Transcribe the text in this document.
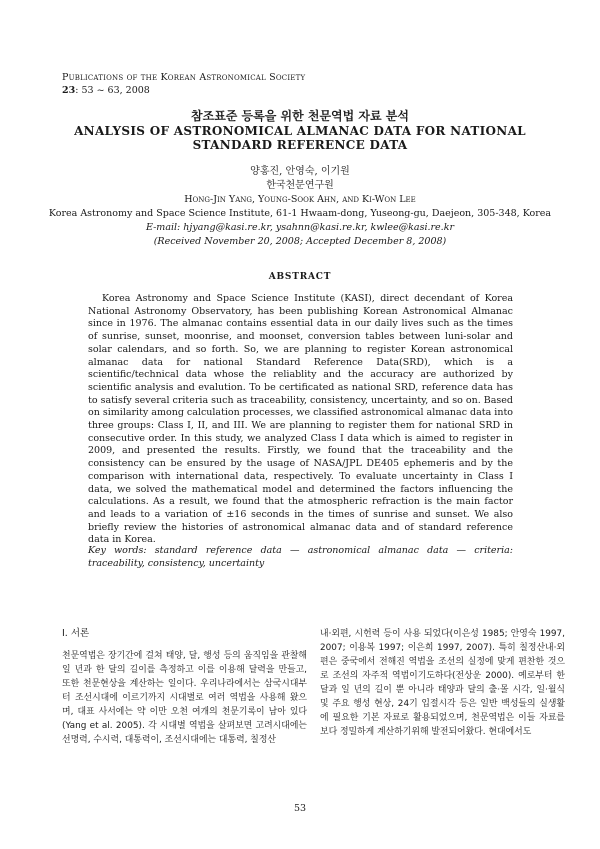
Publications of the Korean Astronomical Society
23: 53 ~ 63, 2008
참조표준 등록을 위한 천문역법 자료 분석
ANALYSIS OF ASTRONOMICAL ALMANAC DATA FOR NATIONAL
STANDARD REFERENCE DATA
양홍진, 안영숙, 이기원
한국천문연구원
Hong-Jin Yang, Young-Sook Ahn, and Ki-Won Lee
Korea Astronomy and Space Science Institute, 61-1 Hwaam-dong, Yuseong-gu, Daejeon, 305-348, Korea
E-mail: hjyang@kasi.re.kr, ysahnn@kasi.re.kr, kwlee@kasi.re.kr
(Received November 20, 2008; Accepted December 8, 2008)
ABSTRACT

Korea Astronomy and Space Science Institute (KASI), direct decendant of Korea National Astronomy Observatory, has been publishing Korean Astronomical Almanac since in 1976. The almanac contains essential data in our daily lives such as the times of sunrise, sunset, moonrise, and moonset, conversion tables between luni-solar and solar calendars, and so forth. So, we are planning to register Korean astronomical almanac data for national Standard Reference Data(SRD), which is a scientific/technical data whose the reliablity and the accuracy are authorized by scientific analysis and evalution. To be certificated as national SRD, reference data has to satisfy several criteria such as traceability, consistency, uncertainty, and so on. Based on similarity among calculation processes, we classified astronomical almanac data into three groups: Class I, II, and III. We are planning to register them for national SRD in consecutive order. In this study, we analyzed Class I data which is aimed to register in 2009, and presented the results. Firstly, we found that the traceability and the consistency can be ensured by the usage of NASA/JPL DE405 ephemeris and by the comparison with international data, respectively. To evaluate uncertainty in Class I data, we solved the mathematical model and determined the factors influencing the calculations. As a result, we found that the atmospheric refraction is the main factor and leads to a variation of ±16 seconds in the times of sunrise and sunset. We also briefly review the histories of astronomical almanac data and of standard reference data in Korea.

Key words: standard reference data — astronomical almanac data — criteria: traceability, consistency, uncertainty
I. 서론

천문역법은 장기간에 걸쳐 태양, 달, 행성 등의 움직임을 관찰해 일 년과 한 달의 길이를 측정하고 이를 이용해 달력을 만들고, 또한 천문현상을 계산하는 일이다. 우리나라에서는 삼국시대부터 조선시대에 이르기까지 시대별로 여러 역법을 사용해 왔으며, 대표 사서에는 약 이만 오천 여개의 천문기록이 남아 있다(Yang et al. 2005). 각 시대별 역법을 살펴보면 고려시대에는 선명력, 수시력, 대통력이, 조선시대에는 대통력, 칠정산

내·외편, 시헌력 등이 사용 되었다(이은성 1985; 안영숙 1997, 2007; 이용복 1997; 이은희 1997, 2007). 특히 칠정산내·외편은 중국에서 전해진 역법을 조선의 실정에 맞게 편찬한 것으로 조선의 자주적 역법이기도하다(전상운 2000). 예로부터 한 달과 일 년의 길이 뿐 아니라 태양과 달의 출·몰 시각, 일·월식 및 주요 행성 현상, 24기 입절시각 등은 일반 백성들의 실생활에 필요한 기본 자료로 활용되었으며, 천문역법은 이들 자료를 보다 정밀하게 계산하기위해 발전되어왔다. 현대에서도

53
